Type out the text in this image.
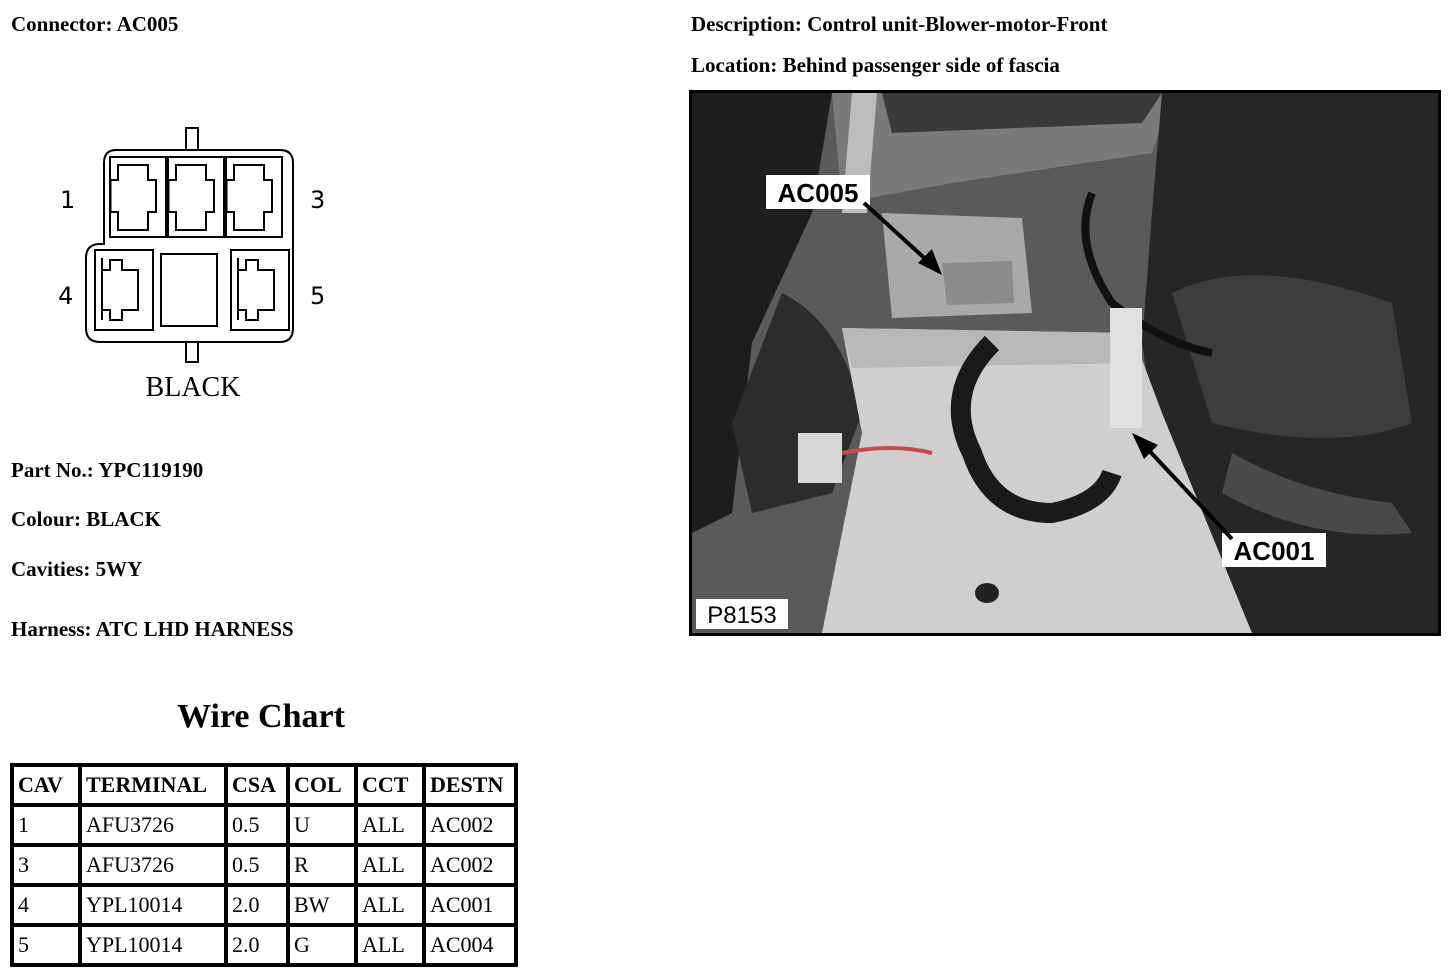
Connector: AC005	Description: Control unit-Blower-motor-Front
Location: Behind passenger side of fascia
1	3
4	5
BLACK
Part No.: YPC119190
Colour: BLACK
Cavities: 5WY
Harness: ATC LHD HARNESS
AC005
AC001
P8153
Wire Chart
CAV	TERMINAL	CSA	COL	CCT	DESTN
1	AFU3726	0.5	U	ALL	AC002
3	AFU3726	0.5	R	ALL	AC002
4	YPL10014	2.0	BW	ALL	AC001
5	YPL10014	2.0	G	ALL	AC004
